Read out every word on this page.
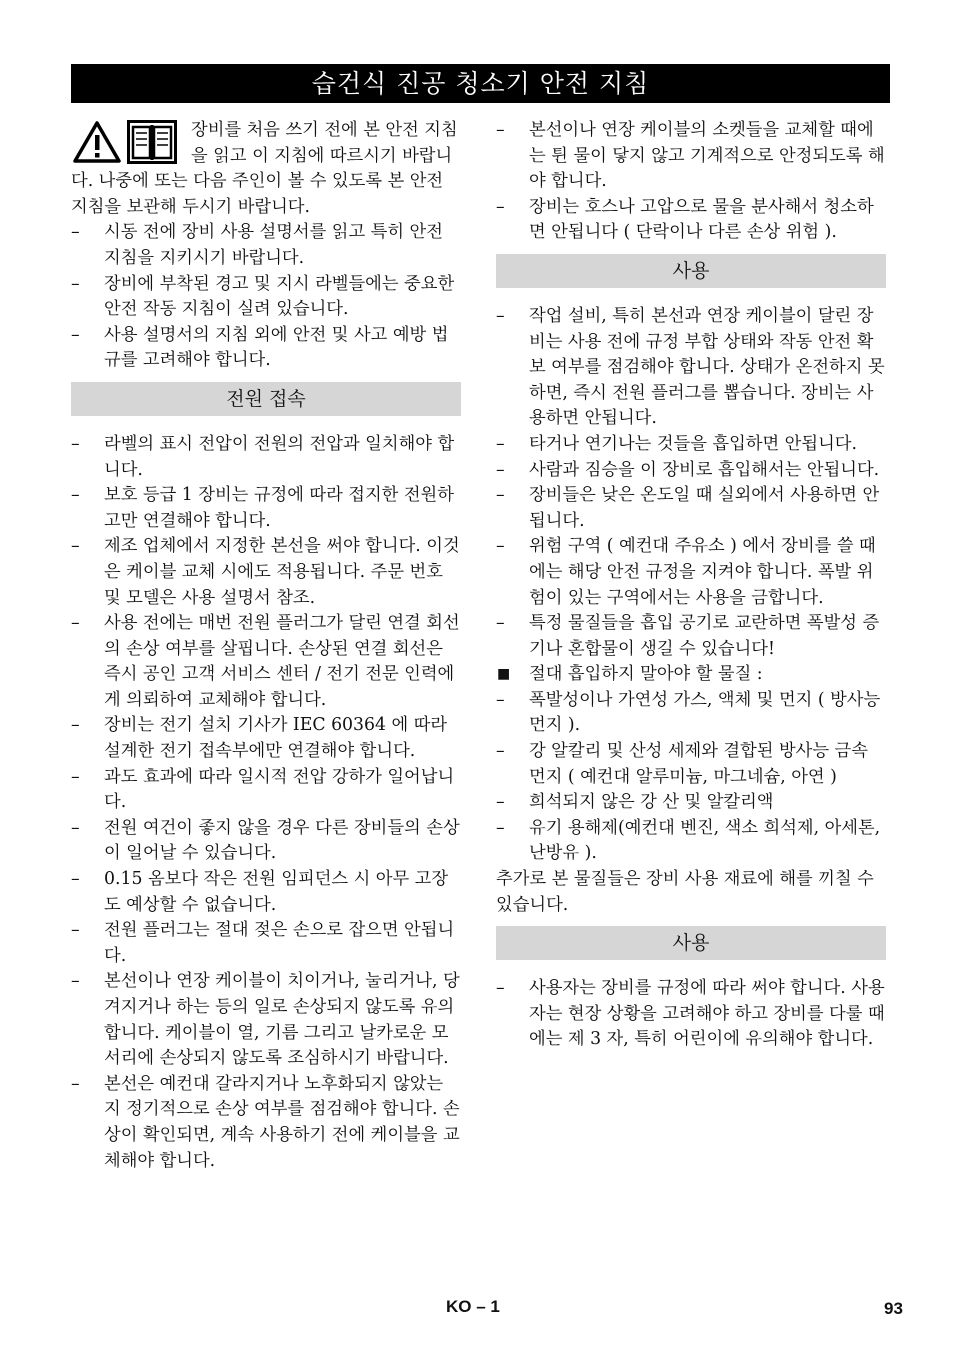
습건식 진공 청소기 안전 지침

장비를 처음 쓰기 전에 본 안전 지침을 읽고 이 지침에 따르시기 바랍니다. 나중에 또는 다음 주인이 볼 수 있도록 본 안전 지침을 보관해 두시기 바랍니다.

– 시동 전에 장비 사용 설명서를 읽고 특히 안전 지침을 지키시기 바랍니다.
– 장비에 부착된 경고 및 지시 라벨들에는 중요한 안전 작동 지침이 실려 있습니다.
– 사용 설명서의 지침 외에 안전 및 사고 예방 법규를 고려해야 합니다.
전원 접속
– 라벨의 표시 전압이 전원의 전압과 일치해야 합니다.
– 보호 등급 1 장비는 규정에 따라 접지한 전원하고만 연결해야 합니다.
– 제조 업체에서 지정한 본선을 써야 합니다. 이것은 케이블 교체 시에도 적용됩니다. 주문 번호 및 모델은 사용 설명서 참조.
– 사용 전에는 매번 전원 플러그가 달린 연결 회선의 손상 여부를 살핍니다. 손상된 연결 회선은 즉시 공인 고객 서비스 센터 / 전기 전문 인력에게 의뢰하여 교체해야 합니다.
– 장비는 전기 설치 기사가 IEC 60364 에 따라 설계한 전기 접속부에만 연결해야 합니다.
– 과도 효과에 따라 일시적 전압 강하가 일어납니다.
– 전원 여건이 좋지 않을 경우 다른 장비들의 손상이 일어날 수 있습니다.
– 0.15 옴보다 작은 전원 임피던스 시 아무 고장도 예상할 수 없습니다.
– 전원 플러그는 절대 젖은 손으로 잡으면 안됩니다.
– 본선이나 연장 케이블이 치이거나, 눌리거나, 당겨지거나 하는 등의 일로 손상되지 않도록 유의합니다. 케이블이 열, 기름 그리고 날카로운 모서리에 손상되지 않도록 조심하시기 바랍니다.
– 본선은 예컨대 갈라지거나 노후화되지 않았는 지 정기적으로 손상 여부를 점검해야 합니다. 손상이 확인되면, 계속 사용하기 전에 케이블을 교체해야 합니다.
– 본선이나 연장 케이블의 소켓들을 교체할 때에는 튄 물이 닿지 않고 기계적으로 안정되도록 해야 합니다.
– 장비는 호스나 고압으로 물을 분사해서 청소하면 안됩니다 ( 단락이나 다른 손상 위험 ).
사용
– 작업 설비, 특히 본선과 연장 케이블이 달린 장비는 사용 전에 규정 부합 상태와 작동 안전 확보 여부를 점검해야 합니다. 상태가 온전하지 못하면, 즉시 전원 플러그를 뽑습니다. 장비는 사용하면 안됩니다.
– 타거나 연기나는 것들을 흡입하면 안됩니다.
– 사람과 짐승을 이 장비로 흡입해서는 안됩니다.
– 장비들은 낮은 온도일 때 실외에서 사용하면 안됩니다.
– 위험 구역 ( 예컨대 주유소 ) 에서 장비를 쓸 때에는 해당 안전 규정을 지켜야 합니다. 폭발 위험이 있는 구역에서는 사용을 금합니다.
– 특정 물질들을 흡입 공기로 교란하면 폭발성 증기나 혼합물이 생길 수 있습니다!
■ 절대 흡입하지 말아야 할 물질 :
– 폭발성이나 가연성 가스, 액체 및 먼지 ( 방사능 먼지 ).
– 강 알칼리 및 산성 세제와 결합된 방사능 금속 먼지 ( 예컨대 알루미늄, 마그네슘, 아연 )
– 희석되지 않은 강 산 및 알칼리액
– 유기 용해제(예컨대 벤진, 색소 희석제, 아세톤, 난방유 ).

추가로 본 물질들은 장비 사용 재료에 해를 끼칠 수 있습니다.

사용
– 사용자는 장비를 규정에 따라 써야 합니다. 사용자는 현장 상황을 고려해야 하고 장비를 다룰 때에는 제 3 자, 특히 어린이에 유의해야 합니다.
KO – 1	93
